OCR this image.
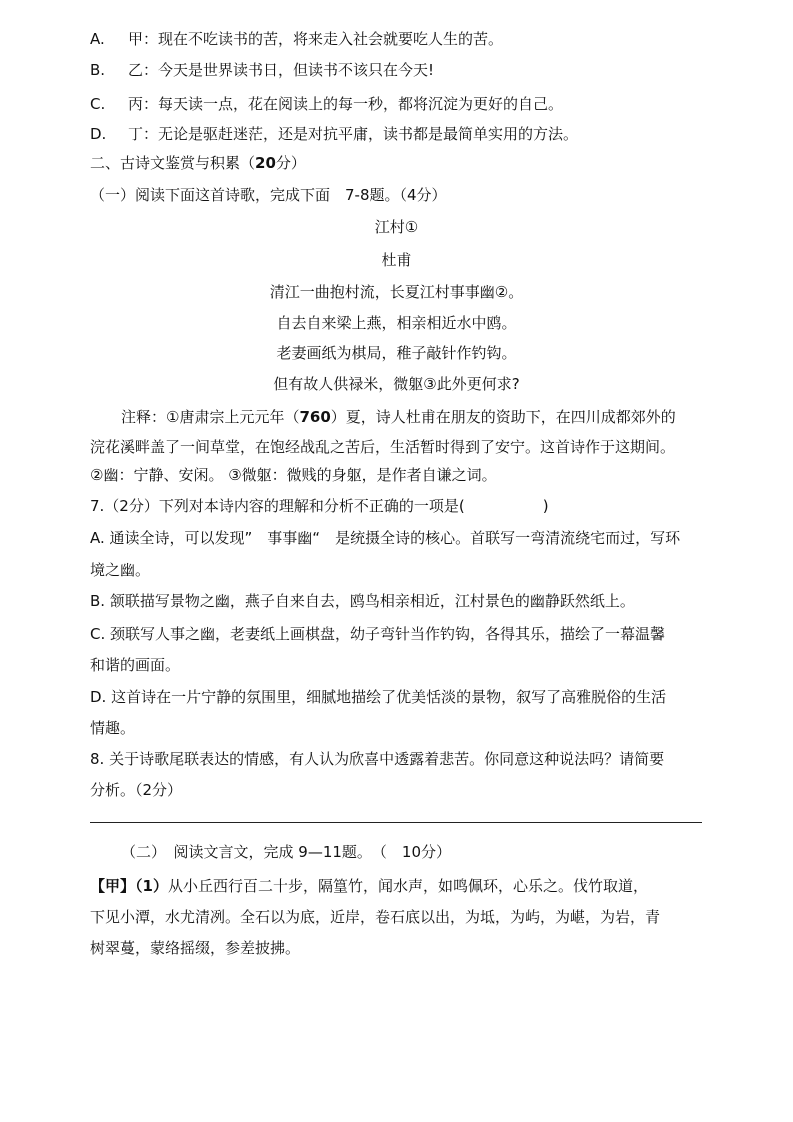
A. 甲：现在不吃读书的苦，将来走入社会就要吃人生的苦。
B. 乙：今天是世界读书日，但读书不该只在今天!
C. 丙：每天读一点，花在阅读上的每一秒，都将沉淀为更好的自己。
D. 丁：无论是驱赶迷茫，还是对抗平庸，读书都是最简单实用的方法。
二、古诗文鉴赏与积累（20分）
（一）阅读下面这首诗歌，完成下面　7-8题。（4分）
江村①
杜甫
清江一曲抱村流，长夏江村事事幽②。
自去自来梁上燕，相亲相近水中鸥。
老妻画纸为棋局，稚子敲针作钓钩。
但有故人供禄米，微躯③此外更何求?
注释：①唐肃宗上元元年（760）夏，诗人杜甫在朋友的资助下，在四川成都郊外的
浣花溪畔盖了一间草堂，在饱经战乱之苦后，生活暂时得到了安宁。这首诗作于这期间。
②幽：宁静、安闲。 ③微躯：微贱的身躯，是作者自谦之词。
7.（2分）下列对本诗内容的理解和分析不正确的一项是(	)
A. 通读全诗，可以发现”　事事幽“　是统摄全诗的核心。首联写一弯清流绕宅而过，写环
境之幽。
B. 颔联描写景物之幽，燕子自来自去，鸥鸟相亲相近，江村景色的幽静跃然纸上。
C. 颈联写人事之幽，老妻纸上画棋盘，幼子弯针当作钓钩，各得其乐，描绘了一幕温馨
和谐的画面。
D. 这首诗在一片宁静的氛围里，细腻地描绘了优美恬淡的景物，叙写了高雅脱俗的生活
情趣。
8. 关于诗歌尾联表达的情感，有人认为欣喜中透露着悲苦。你同意这种说法吗？请简要
分析。（2分）
（二）　阅读文言文，完成 9—11题。　（　10分）
【甲】（1）从小丘西行百二十步，隔篁竹，闻水声，如鸣佩环，心乐之。伐竹取道，
下见小潭，水尤清冽。全石以为底，近岸，卷石底以出，为坻，为屿，为嵁，为岩，青
树翠蔓，蒙络摇缀，参差披拂。
